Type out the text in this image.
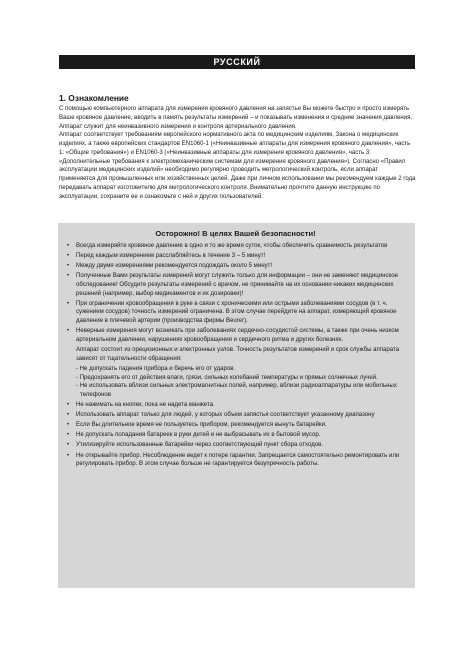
РУССКИЙ
1. Ознакомление

С помощью компьютерного аппарата для измерения кровяного давления на запястье Вы можете быстро и просто измерять Ваше кровяное давление, вводить в память результаты измерений – и показывать изменения и средние значения давления. Аппарат служит для неинвазивного измерения и контроля артериального давления.

Аппарат соответствует требованиям европейского нормативного акта по медицинским изделиям, Закона о медицинских изделиях, а также европейских стандартов EN1060-1 («Неинвазивные аппараты для измерения кровяного давления», часть 1: «Общие требования») и EN1060-3 («Неинвазивные аппараты для измерения кровяного давления», часть 3: «Дополнительные требования к электромеханическим системам для измерения кровяного давления»). Согласно «Правил эксплуатации медицинских изделий» необходимо регулярно проводить метрологический контроль, если аппарат применяется для промышленных или хозяйственных целей. Даже при личном использовании мы рекомендуем каждые 2 года передавать аппарат изготовителю для метрологического контроля. Внимательно прочтите данную инструкцию по эксплуатации, сохраните ее и ознакомьте с ней и других пользователей.

Осторожно! В целях Вашей безопасности!
• Всегда измеряйте кровяное давление в одно и то же время суток, чтобы обеспечить сравнимость результатов
• Перед каждым измерением расслабляйтесь в течение 3 – 5 минут!
• Между двумя измерениями рекомендуется подождать около 5 минут!
• Полученные Вами результаты измерений могут служить только для информации – они не заменяют медицинское обследование! Обсудите результаты измерений с врачом, не принимайте на их основании никаких медицинских решений (например, выбор медикаментов и их дозировки)!
• При ограничении кровообращения в руке в связи с хроническими или острыми заболеваниями сосудов (в т. ч. сужением сосудов) точность измерений ограничена. В этом случае перейдите на аппарат, измеряющий кровяное давление в плечевой артерии (производства фирмы Beurer).
• Неверные измерения могут возникать при заболеваниях сердечно-сосудистой системы, а также при очень низком артериальном давлении, нарушениях кровообращения и сердечного ритма и других болезнях.
Аппарат состоит из прецизионных и электронных узлов. Точность результатов измерений и срок службы аппарата зависят от тщательности обращения:
- Не допускать падения прибора и беречь его от ударов.
- Предохранять его от действия влаги, грязи, сильных колебаний температуры и прямых солнечных лучей.
- Не использовать вблизи сильных электромагнитных полей, например, вблизи радиоаппаратуры или мобильных телефонов
• Не нажимать на кнопки, пока не надета манжета.
• Использовать аппарат только для людей, у которых объем запястья соответствует указанному диапазону
• Если Вы длительное время не пользуетесь прибором, рекомендуется вынуть батарейки.
• Не допускать попадания батареек в руки детей и не выбрасывать их в бытовой мусор.
• Утилизируйте использованные батарейки через соответствующий пункт сбора отходов.
• Не открывайте прибор. Несоблюдение ведет к потере гарантии. Запрещается самостоятельно ремонтировать или регулировать прибор. В этом случае больше не гарантируется безупречность работы.
